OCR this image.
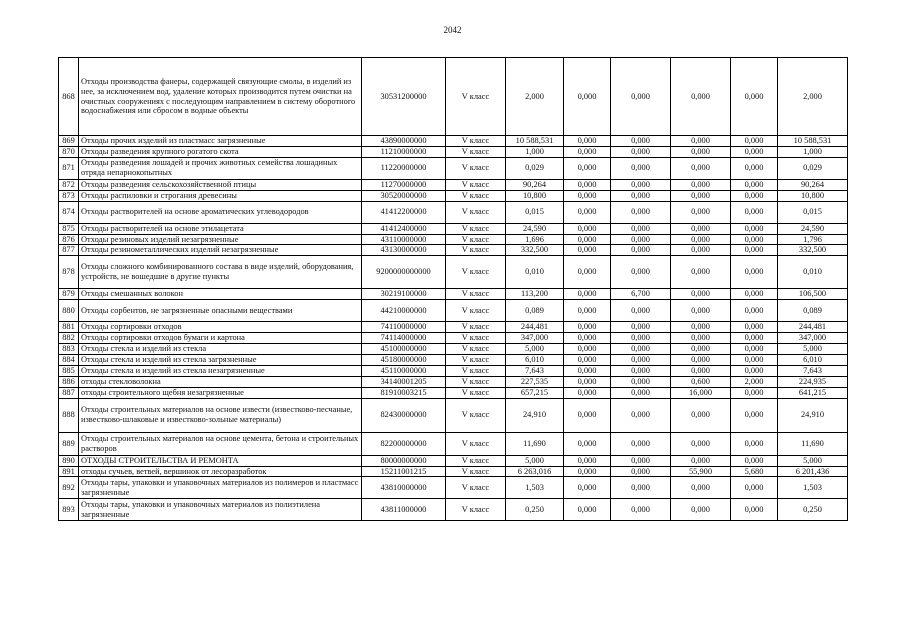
2042
868	Отходы производства фанеры, содержащей связующие смолы, в изделий из нее, за исключением вод, удаление которых производится путем очистки на очистных сооружениях с последующим направлением в систему оборотного водоснабжения или сбросом в водные объекты	30531200000	V класс	2,000	0,000	0,000	0,000	0,000	2,000
869	Отходы прочих изделий из пластмасс загрязненные	43890000000	V класс	10 588,531	0,000	0,000	0,000	0,000	10 588,531
870	Отходы разведения крупного рогатого скота	11210000000	V класс	1,000	0,000	0,000	0,000	0,000	1,000
871	Отходы разведения лошадей и прочих животных семейства лошадиных отряда непарнокопытных	11220000000	V класс	0,029	0,000	0,000	0,000	0,000	0,029
872	Отходы разведения сельскохозяйственной птицы	11270000000	V класс	90,264	0,000	0,000	0,000	0,000	90,264
873	Отходы распиловки и строгания древесины	30520000000	V класс	10,800	0,000	0,000	0,000	0,000	10,800
874	Отходы растворителей на основе ароматических углеводородов	41412200000	V класс	0,015	0,000	0,000	0,000	0,000	0,015
875	Отходы растворителей на основе этилацетата	41412400000	V класс	24,590	0,000	0,000	0,000	0,000	24,590
876	Отходы резиновых изделий незагрязненные	43110000000	V класс	1,696	0,000	0,000	0,000	0,000	1,796
877	Отходы резинометаллических изделий незагрязненные	43130000000	V класс	332,500	0,000	0,000	0,000	0,000	332,500
878	Отходы сложного комбинированного состава в виде изделий, оборудования, устройств, не вошедшие в другие пункты	9200000000000	V класс	0,010	0,000	0,000	0,000	0,000	0,010
879	Отходы смешанных волокон	30219100000	V класс	113,200	0,000	6,700	0,000	0,000	106,500
880	Отходы сорбентов, не загрязненные опасными веществами	44210000000	V класс	0,089	0,000	0,000	0,000	0,000	0,089
881	Отходы сортировки отходов	74110000000	V класс	244,481	0,000	0,000	0,000	0,000	244,481
882	Отходы сортировки отходов бумаги и картона	74114000000	V класс	347,000	0,000	0,000	0,000	0,000	347,000
883	Отходы стекла и изделий из стекла	45100000000	V класс	5,000	0,000	0,000	0,000	0,000	5,000
884	Отходы стекла и изделий из стекла загрязненные	45180000000	V класс	6,010	0,000	0,000	0,000	0,000	6,010
885	Отходы стекла и изделий из стекла незагрязненные	45110000000	V класс	7,643	0,000	0,000	0,000	0,000	7,643
886	отходы стекловолокна	34140001205	V класс	227,535	0,000	0,000	0,600	2,000	224,935
887	отходы строительного щебня незагрязненные	81910003215	V класс	657,215	0,000	0,000	16,000	0,000	641,215
888	Отходы строительных материалов на основе извести (известково-песчаные, известково-шлаковые и известково-зольные материалы)	82430000000	V класс	24,910	0,000	0,000	0,000	0,000	24,910
889	Отходы строительных материалов на основе цемента, бетона и строительных растворов	82200000000	V класс	11,690	0,000	0,000	0,000	0,000	11,690
890	ОТХОДЫ СТРОИТЕЛЬСТВА И РЕМОНТА	80000000000	V класс	5,000	0,000	0,000	0,000	0,000	5,000
891	отходы сучьев, ветвей, вершинок от лесоразработок	15211001215	V класс	6 263,016	0,000	0,000	55,900	5,680	6 201,436
892	Отходы тары, упаковки и упаковочных материалов из полимеров и пластмасс загрязненные	43810000000	V класс	1,503	0,000	0,000	0,000	0,000	1,503
893	Отходы тары, упаковки и упаковочных материалов из полиэтилена загрязненные	43811000000	V класс	0,250	0,000	0,000	0,000	0,000	0,250
